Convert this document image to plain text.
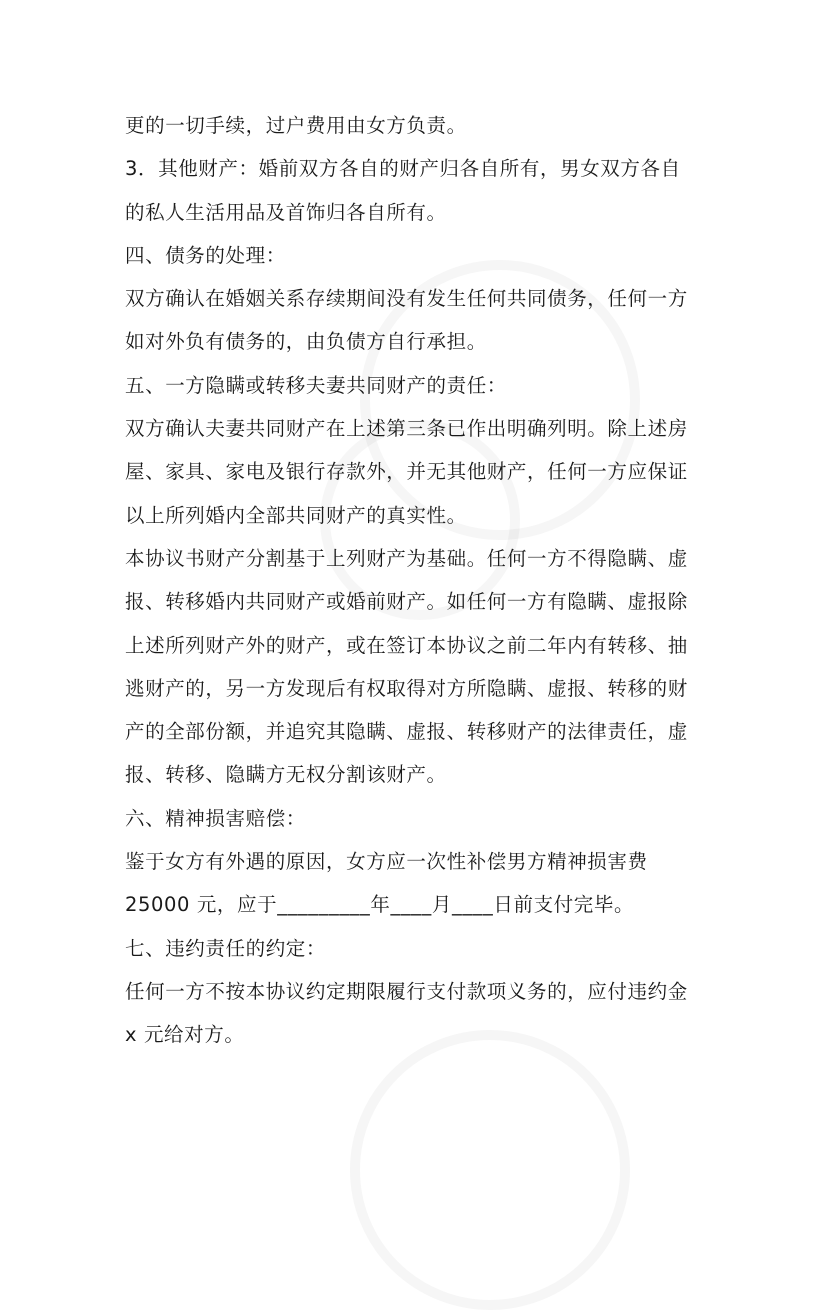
更的一切手续，过户费用由女方负责。
3．其他财产：婚前双方各自的财产归各自所有，男女双方各自
的私人生活用品及首饰归各自所有。
四、债务的处理：
双方确认在婚姻关系存续期间没有发生任何共同债务，任何一方
如对外负有债务的，由负债方自行承担。
五、一方隐瞒或转移夫妻共同财产的责任：
双方确认夫妻共同财产在上述第三条已作出明确列明。除上述房
屋、家具、家电及银行存款外，并无其他财产，任何一方应保证
以上所列婚内全部共同财产的真实性。
本协议书财产分割基于上列财产为基础。任何一方不得隐瞒、虚
报、转移婚内共同财产或婚前财产。如任何一方有隐瞒、虚报除
上述所列财产外的财产，或在签订本协议之前二年内有转移、抽
逃财产的，另一方发现后有权取得对方所隐瞒、虚报、转移的财
产的全部份额，并追究其隐瞒、虚报、转移财产的法律责任，虚
报、转移、隐瞒方无权分割该财产。
六、精神损害赔偿：
鉴于女方有外遇的原因，女方应一次性补偿男方精神损害费
25000 元，应于_________年____月____日前支付完毕。
七、违约责任的约定：
任何一方不按本协议约定期限履行支付款项义务的，应付违约金
x 元给对方。
